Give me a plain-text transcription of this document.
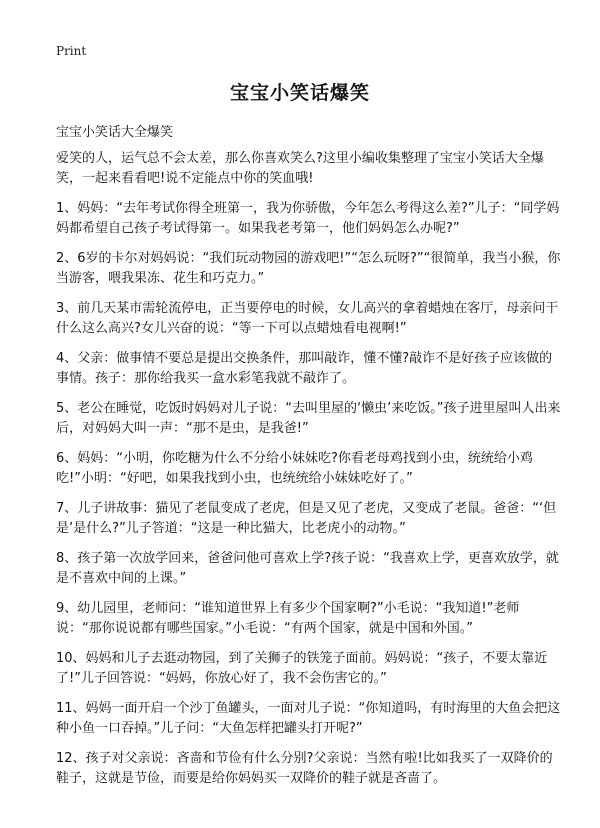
Print
宝宝小笑话爆笑
宝宝小笑话大全爆笑

爱笑的人，运气总不会太差，那么你喜欢笑么?这里小编收集整理了宝宝小笑话大全爆笑，一起来看看吧!说不定能点中你的笑血哦!

1、妈妈：“去年考试你得全班第一，我为你骄傲，今年怎么考得这么差?”儿子：“同学妈妈都希望自己孩子考试得第一。如果我老考第一，他们妈妈怎么办呢?”

2、6岁的卡尔对妈妈说：“我们玩动物园的游戏吧!”“怎么玩呀?”“很简单，我当小猴，你当游客，喂我果冻、花生和巧克力。”

3、前几天某市需轮流停电，正当要停电的时候，女儿高兴的拿着蜡烛在客厅，母亲问干什么这么高兴?女儿兴奋的说：“等一下可以点蜡烛看电视啊!”

4、父亲：做事情不要总是提出交换条件，那叫敲诈，懂不懂?敲诈不是好孩子应该做的事情。孩子：那你给我买一盒水彩笔我就不敲诈了。

5、老公在睡觉，吃饭时妈妈对儿子说：“去叫里屋的‘懒虫’来吃饭。”孩子进里屋叫人出来后，对妈妈大叫一声：“那不是虫，是我爸!”

6、妈妈：“小明，你吃糖为什么不分给小妹妹吃?你看老母鸡找到小虫，统统给小鸡吃!”小明：“好吧，如果我找到小虫，也统统给小妹妹吃好了。”

7、儿子讲故事：猫见了老鼠变成了老虎，但是又见了老虎，又变成了老鼠。爸爸：“‘但是’是什么?”儿子答道：“这是一种比猫大，比老虎小的动物。”

8、孩子第一次放学回来，爸爸问他可喜欢上学?孩子说：“我喜欢上学，更喜欢放学，就是不喜欢中间的上课。”

9、幼儿园里，老师问：“谁知道世界上有多少个国家啊?”小毛说：“我知道!”老师说：“那你说说都有哪些国家。”小毛说：“有两个国家，就是中国和外国。”

10、妈妈和儿子去逛动物园，到了关狮子的铁笼子面前。妈妈说：“孩子，不要太靠近了!”儿子回答说：“妈妈，你放心好了，我不会伤害它的。”

11、妈妈一面开启一个沙丁鱼罐头，一面对儿子说：“你知道吗，有时海里的大鱼会把这种小鱼一口吞掉。”儿子问：“大鱼怎样把罐头打开呢?”

12、孩子对父亲说：吝啬和节俭有什么分别?父亲说：当然有啦!比如我买了一双降价的鞋子，这就是节俭，而要是给你妈妈买一双降价的鞋子就是吝啬了。
